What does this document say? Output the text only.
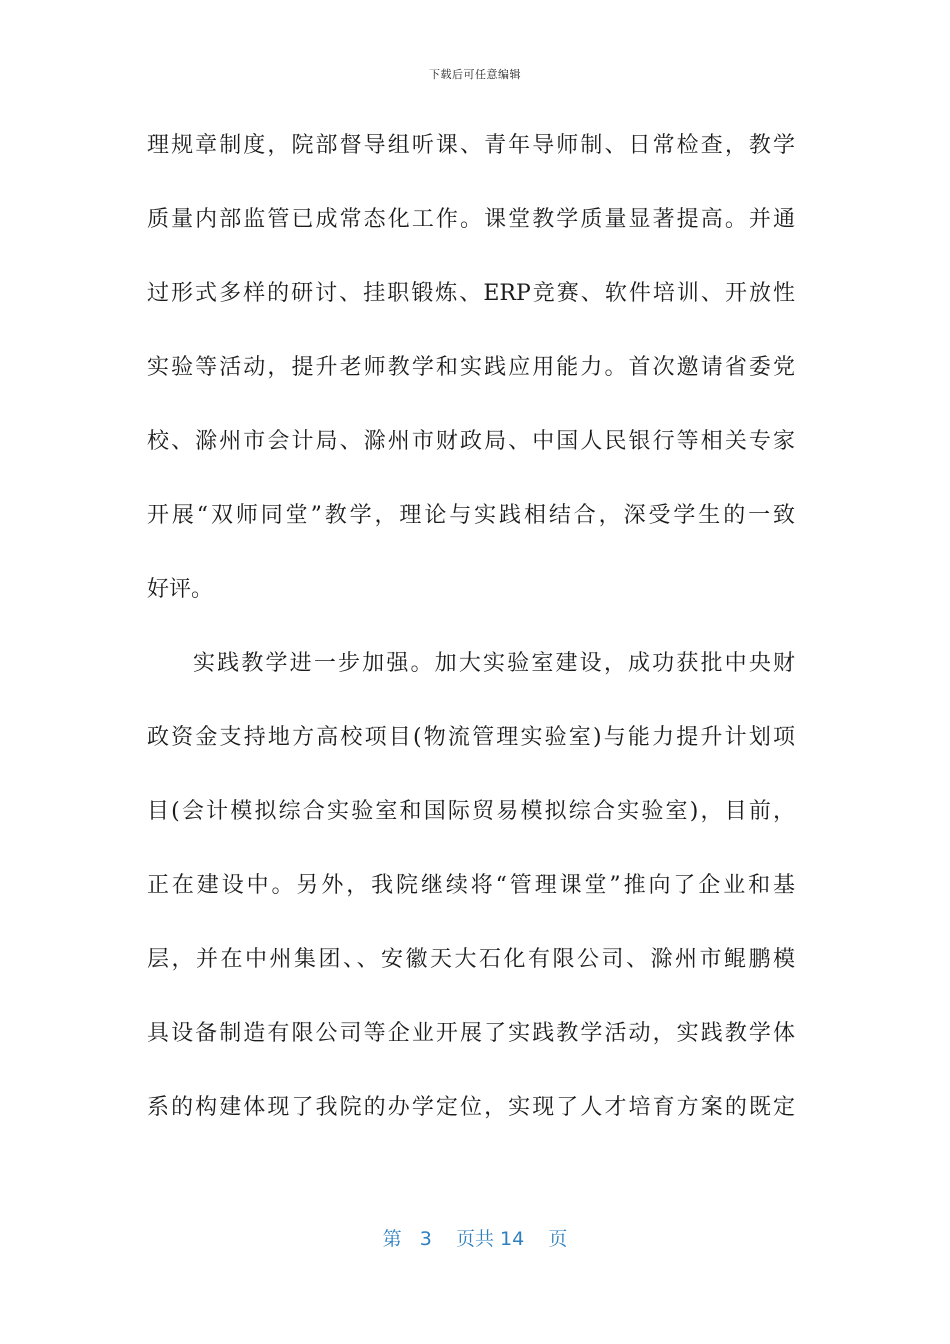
下载后可任意编辑
理规章制度，院部督导组听课、青年导师制、日常检查，教学
质量内部监管已成常态化工作。课堂教学质量显著提高。并通
过形式多样的研讨、挂职锻炼、ERP竞赛、软件培训、开放性
实验等活动，提升老师教学和实践应用能力。首次邀请省委党
校、滁州市会计局、滁州市财政局、中国人民银行等相关专家
开展“双师同堂”教学，理论与实践相结合，深受学生的一致
好评。
实践教学进一步加强。加大实验室建设，成功获批中央财
政资金支持地方高校项目(物流管理实验室)与能力提升计划项
目(会计模拟综合实验室和国际贸易模拟综合实验室)，目前，
正在建设中。另外，我院继续将“管理课堂”推向了企业和基
层，并在中州集团、、安徽天大石化有限公司、滁州市鲲鹏模
具设备制造有限公司等企业开展了实践教学活动，实践教学体
系的构建体现了我院的办学定位，实现了人才培育方案的既定
第 3 页共 14 页
